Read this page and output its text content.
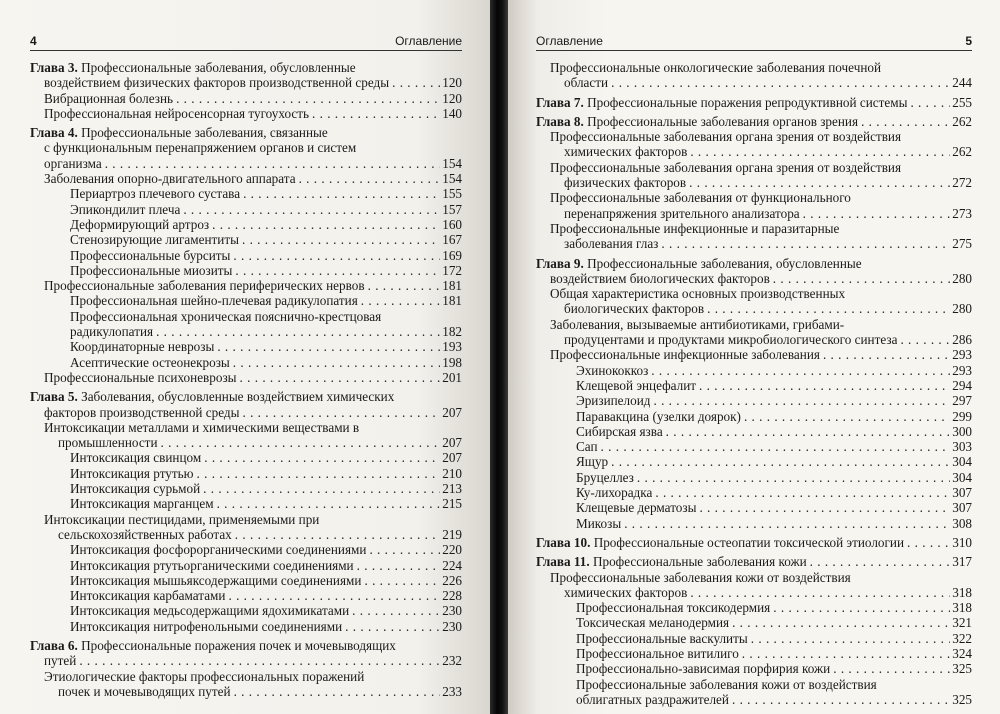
4	Оглавление
Глава 3. Профессиональные заболевания, обусловленные
воздействием физических факторов производственной среды . . .	120
Вибрационная болезнь . . .	120
Профессиональная нейросенсорная тугоухость . . .	140
Глава 4. Профессиональные заболевания, связанные
с функциональным перенапряжением органов и систем
организма . . .	154
Заболевания опорно-двигательного аппарата . . .	154
Периартроз плечевого сустава . . .	155
Эпикондилит плеча . . .	157
Деформирующий артроз . . .	160
Стенозирующие лигаментиты . . .	167
Профессиональные бурситы . . .	169
Профессиональные миозиты . . .	172
Профессиональные заболевания периферических нервов . . .	181
Профессиональная шейно-плечевая радикулопатия . . .	181
Профессиональная хроническая пояснично-крестцовая
радикулопатия . . .	182
Координаторные неврозы . . .	193
Асептические остеонекрозы . . .	198
Профессиональные психоневрозы . . .	201
Глава 5. Заболевания, обусловленные воздействием химических
факторов производственной среды . . .	207
Интоксикации металлами и химическими веществами в
промышленности . . .	207
Интоксикация свинцом . . .	207
Интоксикация ртутью . . .	210
Интоксикация сурьмой . . .	213
Интоксикация марганцем . . .	215
Интоксикации пестицидами, применяемыми при
сельскохозяйственных работах . . .	219
Интоксикация фосфорорганическими соединениями . . .	220
Интоксикация ртутьорганическими соединениями . . .	224
Интоксикация мышьяксодержащими соединениями . . .	226
Интоксикация карбаматами . . .	228
Интоксикация медьсодержащими ядохимикатами . . .	230
Интоксикация нитрофенольными соединениями . . .	230
Глава 6. Профессиональные поражения почек и мочевыводящих
путей . . .	232
Этиологические факторы профессиональных поражений
почек и мочевыводящих путей . . .	233
Оглавление	5
Профессиональные онкологические заболевания почечной
области . . .	244
Глава 7. Профессиональные поражения репродуктивной системы . . .	255
Глава 8. Профессиональные заболевания органов зрения . . .	262
Профессиональные заболевания органа зрения от воздействия
химических факторов . . .	262
Профессиональные заболевания органа зрения от воздействия
физических факторов . . .	272
Профессиональные заболевания от функционального
перенапряжения зрительного анализатора . . .	273
Профессиональные инфекционные и паразитарные
заболевания глаз . . .	275
Глава 9. Профессиональные заболевания, обусловленные
воздействием биологических факторов . . .	280
Общая характеристика основных производственных
биологических факторов . . .	280
Заболевания, вызываемые антибиотиками, грибами-
продуцентами и продуктами микробиологического синтеза . . .	286
Профессиональные инфекционные заболевания . . .	293
Эхинококкоз . . .	293
Клещевой энцефалит . . .	294
Эризипелоид . . .	297
Паравакцина (узелки доярок) . . .	299
Сибирская язва . . .	300
Сап . . .	303
Ящур . . .	304
Бруцеллез . . .	304
Ку-лихорадка . . .	307
Клещевые дерматозы . . .	307
Микозы . . .	308
Глава 10. Профессиональные остеопатии токсической этиологии . . .	310
Глава 11. Профессиональные заболевания кожи . . .	317
Профессиональные заболевания кожи от воздействия
химических факторов . . .	318
Профессиональная токсикодермия . . .	318
Токсическая меланодермия . . .	321
Профессиональные васкулиты . . .	322
Профессиональное витилиго . . .	324
Профессионально-зависимая порфирия кожи . . .	325
Профессиональные заболевания кожи от воздействия
облигатных раздражителей . . .	325
